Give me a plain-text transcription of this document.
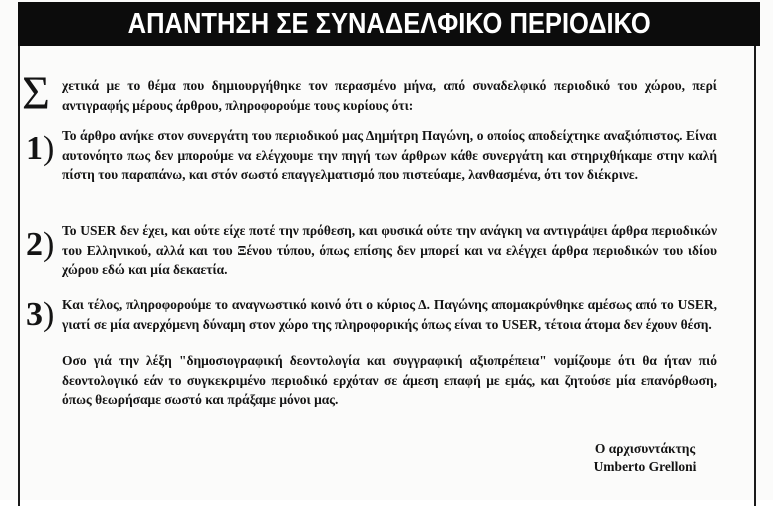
ΑΠΑΝΤΗΣΗ ΣΕ ΣΥΝΑΔΕΛΦΙΚΟ ΠΕΡΙΟΔΙΚΟ
Σ χετικά με το θέμα που δημιουργήθηκε τον περασμένο μήνα, από συναδελφικό περιοδικό του χώρου, περί αντιγραφής μέρους άρθρου, πληροφορούμε τους κυρίους ότι:

1) Το άρθρο ανήκε στον συνεργάτη του περιοδικού μας Δημήτρη Παγώνη, ο οποίος αποδείχτηκε αναξιόπιστος. Είναι αυτονόητο πως δεν μπορούμε να ελέγχουμε την πηγή των άρθρων κάθε συνεργάτη και στηριχθήκαμε στην καλή πίστη του παραπάνω, και στόν σωστό επαγγελματισμό που πιστεύαμε, λανθασμένα, ότι τον διέκρινε.

2) Το USER δεν έχει, και ούτε είχε ποτέ την πρόθεση, και φυσικά ούτε την ανάγκη να αντιγράψει άρθρα περιοδικών του Ελληνικού, αλλά και του Ξένου τύπου, όπως επίσης δεν μπορεί και να ελέγχει άρθρα περιοδικών του ιδίου χώρου εδώ και μία δεκαετία.

3) Και τέλος, πληροφορούμε το αναγνωστικό κοινό ότι ο κύριος Δ. Παγώνης απομακρύνθηκε αμέσως από το USER, γιατί σε μία ανερχόμενη δύναμη στον χώρο της πληροφορικής όπως είναι το USER, τέτοια άτομα δεν έχουν θέση.

Οσο γιά την λέξη "δημοσιογραφική δεοντολογία και συγγραφική αξιοπρέπεια" νομίζουμε ότι θα ήταν πιό δεοντολογικό εάν το συγκεκριμένο περιοδικό ερχόταν σε άμεση επαφή με εμάς, και ζητούσε μία επανόρθωση, όπως θεωρήσαμε σωστό και πράξαμε μόνοι μας.

Ο αρχισυντάκτης
Umberto Grelloni
